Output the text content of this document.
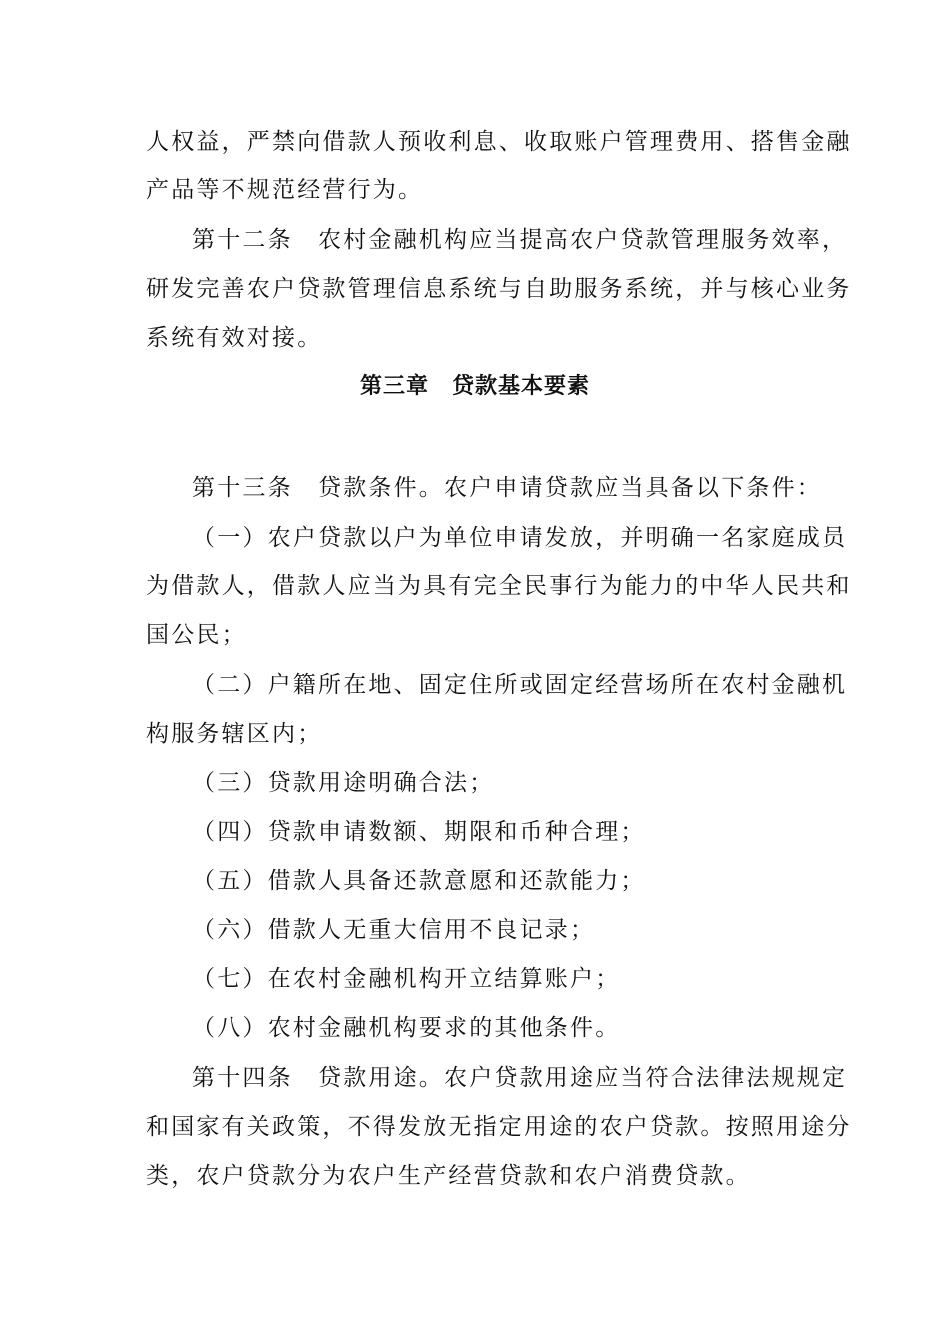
人权益，严禁向借款人预收利息、收取账户管理费用、搭售金融
产品等不规范经营行为。
第十二条　农村金融机构应当提高农户贷款管理服务效率，
研发完善农户贷款管理信息系统与自助服务系统，并与核心业务
系统有效对接。
第三章　贷款基本要素
第十三条　贷款条件。农户申请贷款应当具备以下条件：
（一）农户贷款以户为单位申请发放，并明确一名家庭成员
为借款人，借款人应当为具有完全民事行为能力的中华人民共和
国公民；
（二）户籍所在地、固定住所或固定经营场所在农村金融机
构服务辖区内；
（三）贷款用途明确合法；
（四）贷款申请数额、期限和币种合理；
（五）借款人具备还款意愿和还款能力；
（六）借款人无重大信用不良记录；
（七）在农村金融机构开立结算账户；
（八）农村金融机构要求的其他条件。
第十四条　贷款用途。农户贷款用途应当符合法律法规规定
和国家有关政策，不得发放无指定用途的农户贷款。按照用途分
类，农户贷款分为农户生产经营贷款和农户消费贷款。
